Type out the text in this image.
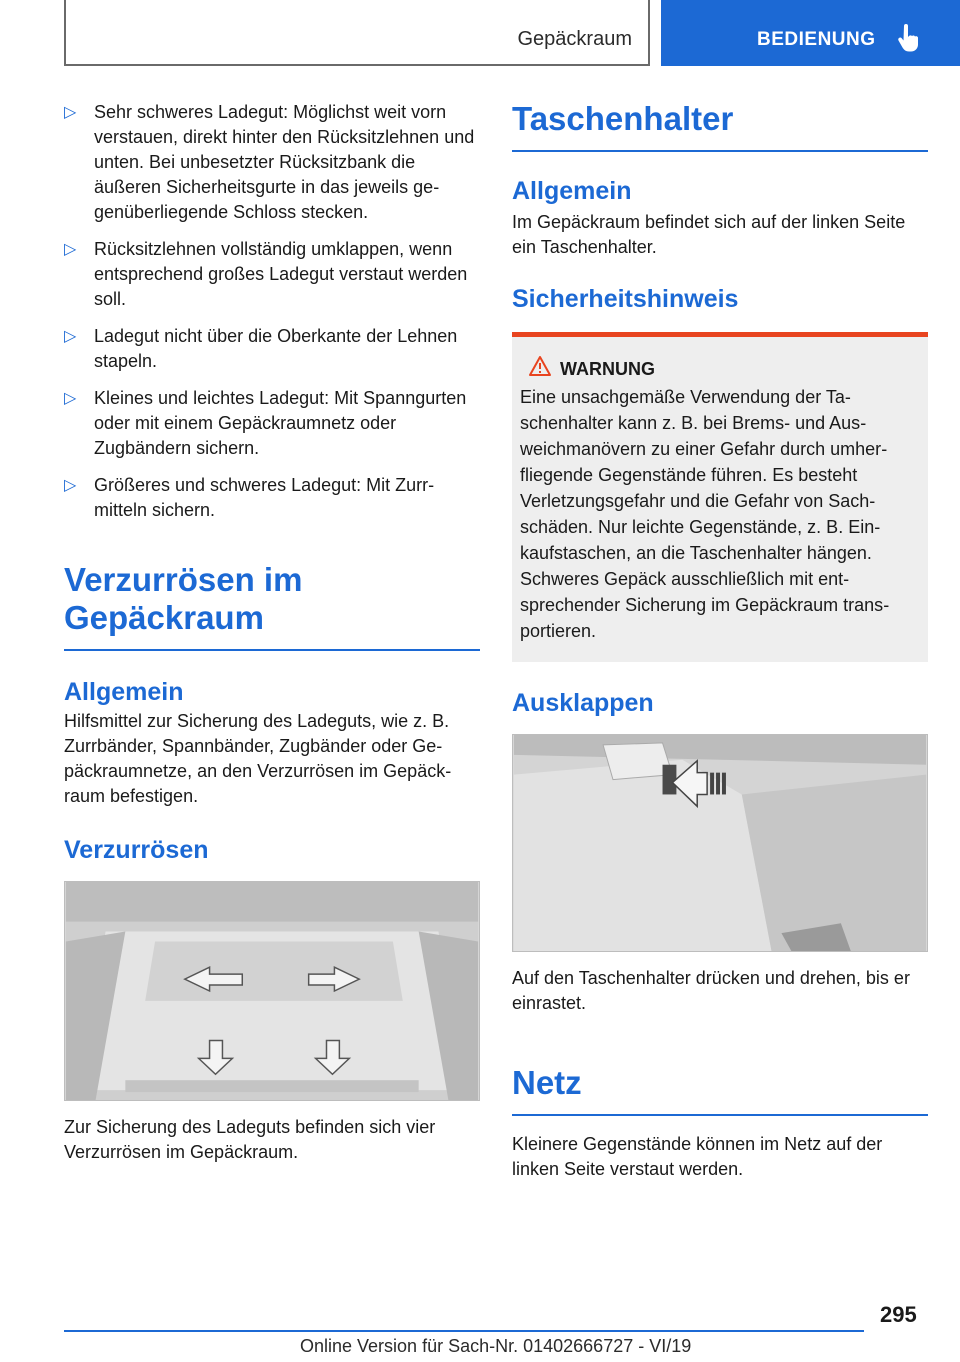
Gepäckraum	BEDIENUNG
▷ Sehr schweres Ladegut: Möglichst weit vorn verstauen, direkt hinter den Rücksitzlehnen und unten. Bei unbesetzter Rücksitzbank die äußeren Sicherheitsgurte in das jeweils gegenüberliegende Schloss stecken.
▷ Rücksitzlehnen vollständig umklappen, wenn entsprechend großes Ladegut verstaut werden soll.
▷ Ladegut nicht über die Oberkante der Lehnen stapeln.
▷ Kleines und leichtes Ladegut: Mit Spanngurten oder mit einem Gepäckraumnetz oder Zugbändern sichern.
▷ Größeres und schweres Ladegut: Mit Zurrmitteln sichern.
Verzurrösen im Gepäckraum
Allgemein

Hilfsmittel zur Sicherung des Ladeguts, wie z. B. Zurrbänder, Spannbänder, Zugbänder oder Gepäckraumnetze, an den Verzurrösen im Gepäckraum befestigen.

Verzurrösen

Zur Sicherung des Ladeguts befinden sich vier Verzurrösen im Gepäckraum.

Taschenhalter
Allgemein

Im Gepäckraum befindet sich auf der linken Seite ein Taschenhalter.

Sicherheitshinweis
WARNUNG

Eine unsachgemäße Verwendung der Taschenhalter kann z. B. bei Brems- und Ausweichmanövern zu einer Gefahr durch umherfliegende Gegenstände führen. Es besteht Verletzungsgefahr und die Gefahr von Sachschäden. Nur leichte Gegenstände, z. B. Einkaufstaschen, an die Taschenhalter hängen. Schweres Gepäck ausschließlich mit entsprechender Sicherung im Gepäckraum transportieren.

Ausklappen

Auf den Taschenhalter drücken und drehen, bis er einrastet.

Netz

Kleinere Gegenstände können im Netz auf der linken Seite verstaut werden.

295
Online Version für Sach-Nr. 01402666727 - VI/19
